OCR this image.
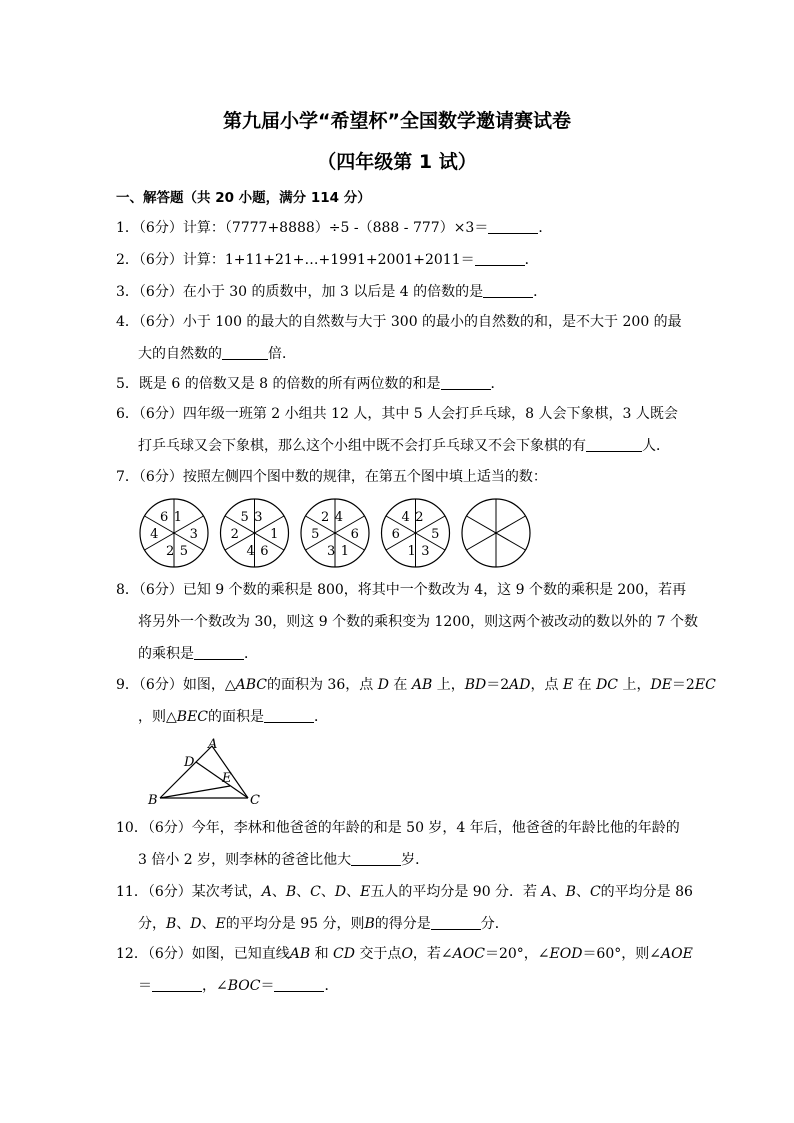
第九届小学“希望杯”全国数学邀请赛试卷
（四年级第 1 试）
一、解答题（共 20 小题，满分 114 分）
1．（6分）计算：（7777+8888）÷5 -（888 - 777）×3＝	．
2．（6分）计算：1+11+21+…+1991+2001+2011＝	．
3．（6分）在小于 30 的质数中，加 3 以后是 4 的倍数的是	．
4．（6分）小于 100 的最大的自然数与大于 300 的最小的自然数的和，是不大于 200 的最
大的自然数的	倍．
5．既是 6 的倍数又是 8 的倍数的所有两位数的和是	．
6．（6分）四年级一班第 2 小组共 12 人，其中 5 人会打乒乓球，8 人会下象棋，3 人既会
打乒乓球又会下象棋，那么这个小组中既不会打乒乓球又不会下象棋的有	人．
7．（6分）按照左侧四个图中数的规律，在第五个图中填上适当的数：
1
3
5
2
4
6	3
1
6
4
2
5	4
6
1
3
5
2	2
5
3
1
6
4
8．（6分）已知 9 个数的乘积是 800，将其中一个数改为 4，这 9 个数的乘积是 200，若再
将另外一个数改为 30，则这 9 个数的乘积变为 1200，则这两个被改动的数以外的 7 个数
的乘积是	．
9．（6分）如图，△ABC的面积为 36，点 D 在 AB 上，BD＝2AD，点 E 在 DC 上，DE＝2EC
，则△BEC的面积是	．
A
D
E
B	C
10．（6分）今年，李林和他爸爸的年龄的和是 50 岁，4 年后，他爸爸的年龄比他的年龄的
3 倍小 2 岁，则李林的爸爸比他大	岁．
11．（6分）某次考试，A、B、C、D、E五人的平均分是 90 分．若 A、B、C的平均分是 86
分，B、D、E的平均分是 95 分，则B的得分是	分．
12．（6分）如图，已知直线AB 和 CD 交于点O，若∠AOC＝20°，∠EOD＝60°，则∠AOE
＝	，∠BOC＝	．
